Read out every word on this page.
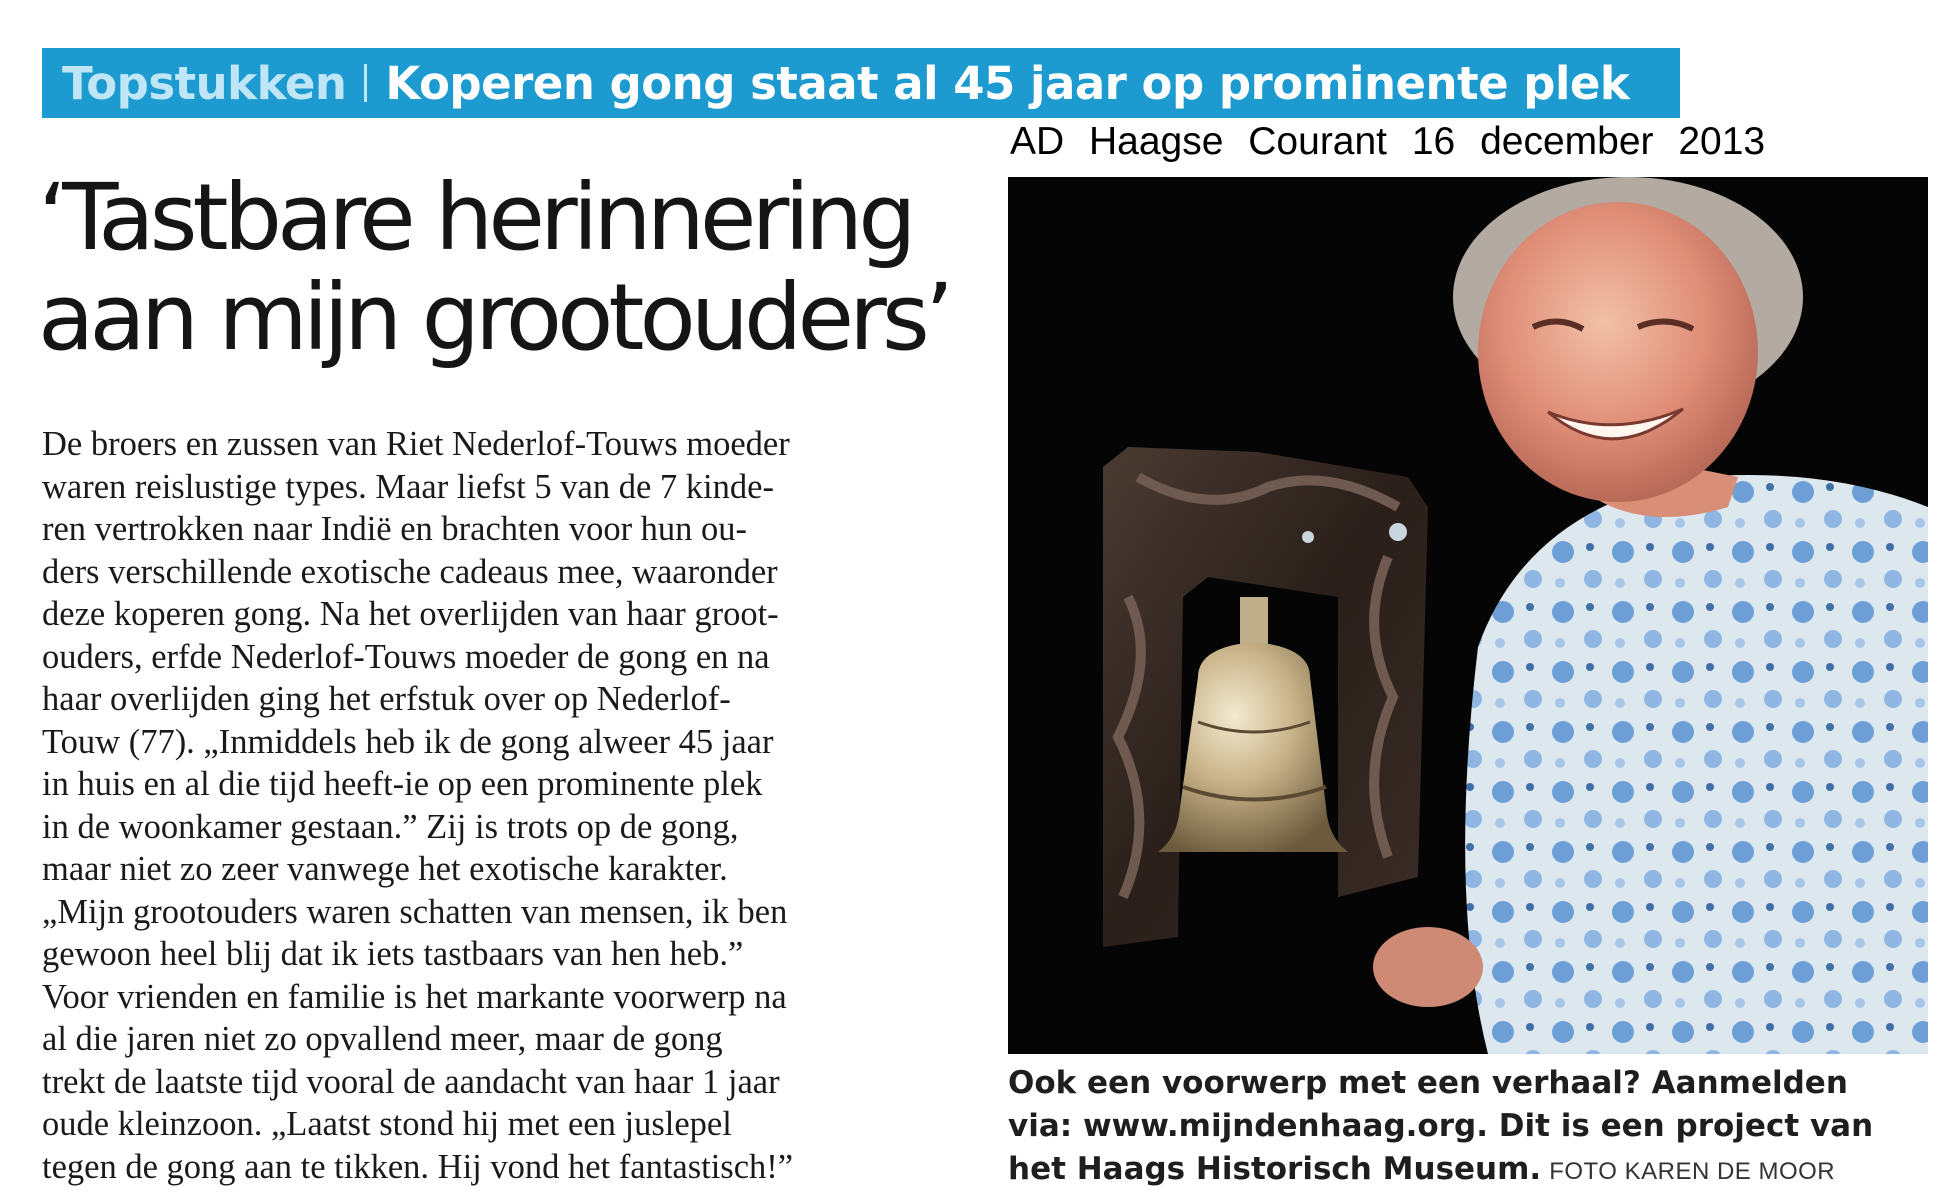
Topstukken Koperen gong staat al 45 jaar op prominente plek
AD Haagse Courant 16 december 2013
‘Tastbare herinnering
aan mijn grootouders’
De broers en zussen van Riet Nederlof-Touws moeder
waren reislustige types. Maar liefst 5 van de 7 kinde-
ren vertrokken naar Indië en brachten voor hun ou-
ders verschillende exotische cadeaus mee, waaronder
deze koperen gong. Na het overlijden van haar groot-
ouders, erfde Nederlof-Touws moeder de gong en na
haar overlijden ging het erfstuk over op Nederlof-
Touw (77). „Inmiddels heb ik de gong alweer 45 jaar
in huis en al die tijd heeft-ie op een prominente plek
in de woonkamer gestaan.” Zij is trots op de gong,
maar niet zo zeer vanwege het exotische karakter.
„Mijn grootouders waren schatten van mensen, ik ben
gewoon heel blij dat ik iets tastbaars van hen heb.”
Voor vrienden en familie is het markante voorwerp na
al die jaren niet zo opvallend meer, maar de gong
trekt de laatste tijd vooral de aandacht van haar 1 jaar
oude kleinzoon. „Laatst stond hij met een juslepel
tegen de gong aan te tikken. Hij vond het fantastisch!”
Ook een voorwerp met een verhaal? Aanmelden
via: www.mijndenhaag.org. Dit is een project van
het Haags Historisch Museum. FOTO KAREN DE MOOR
